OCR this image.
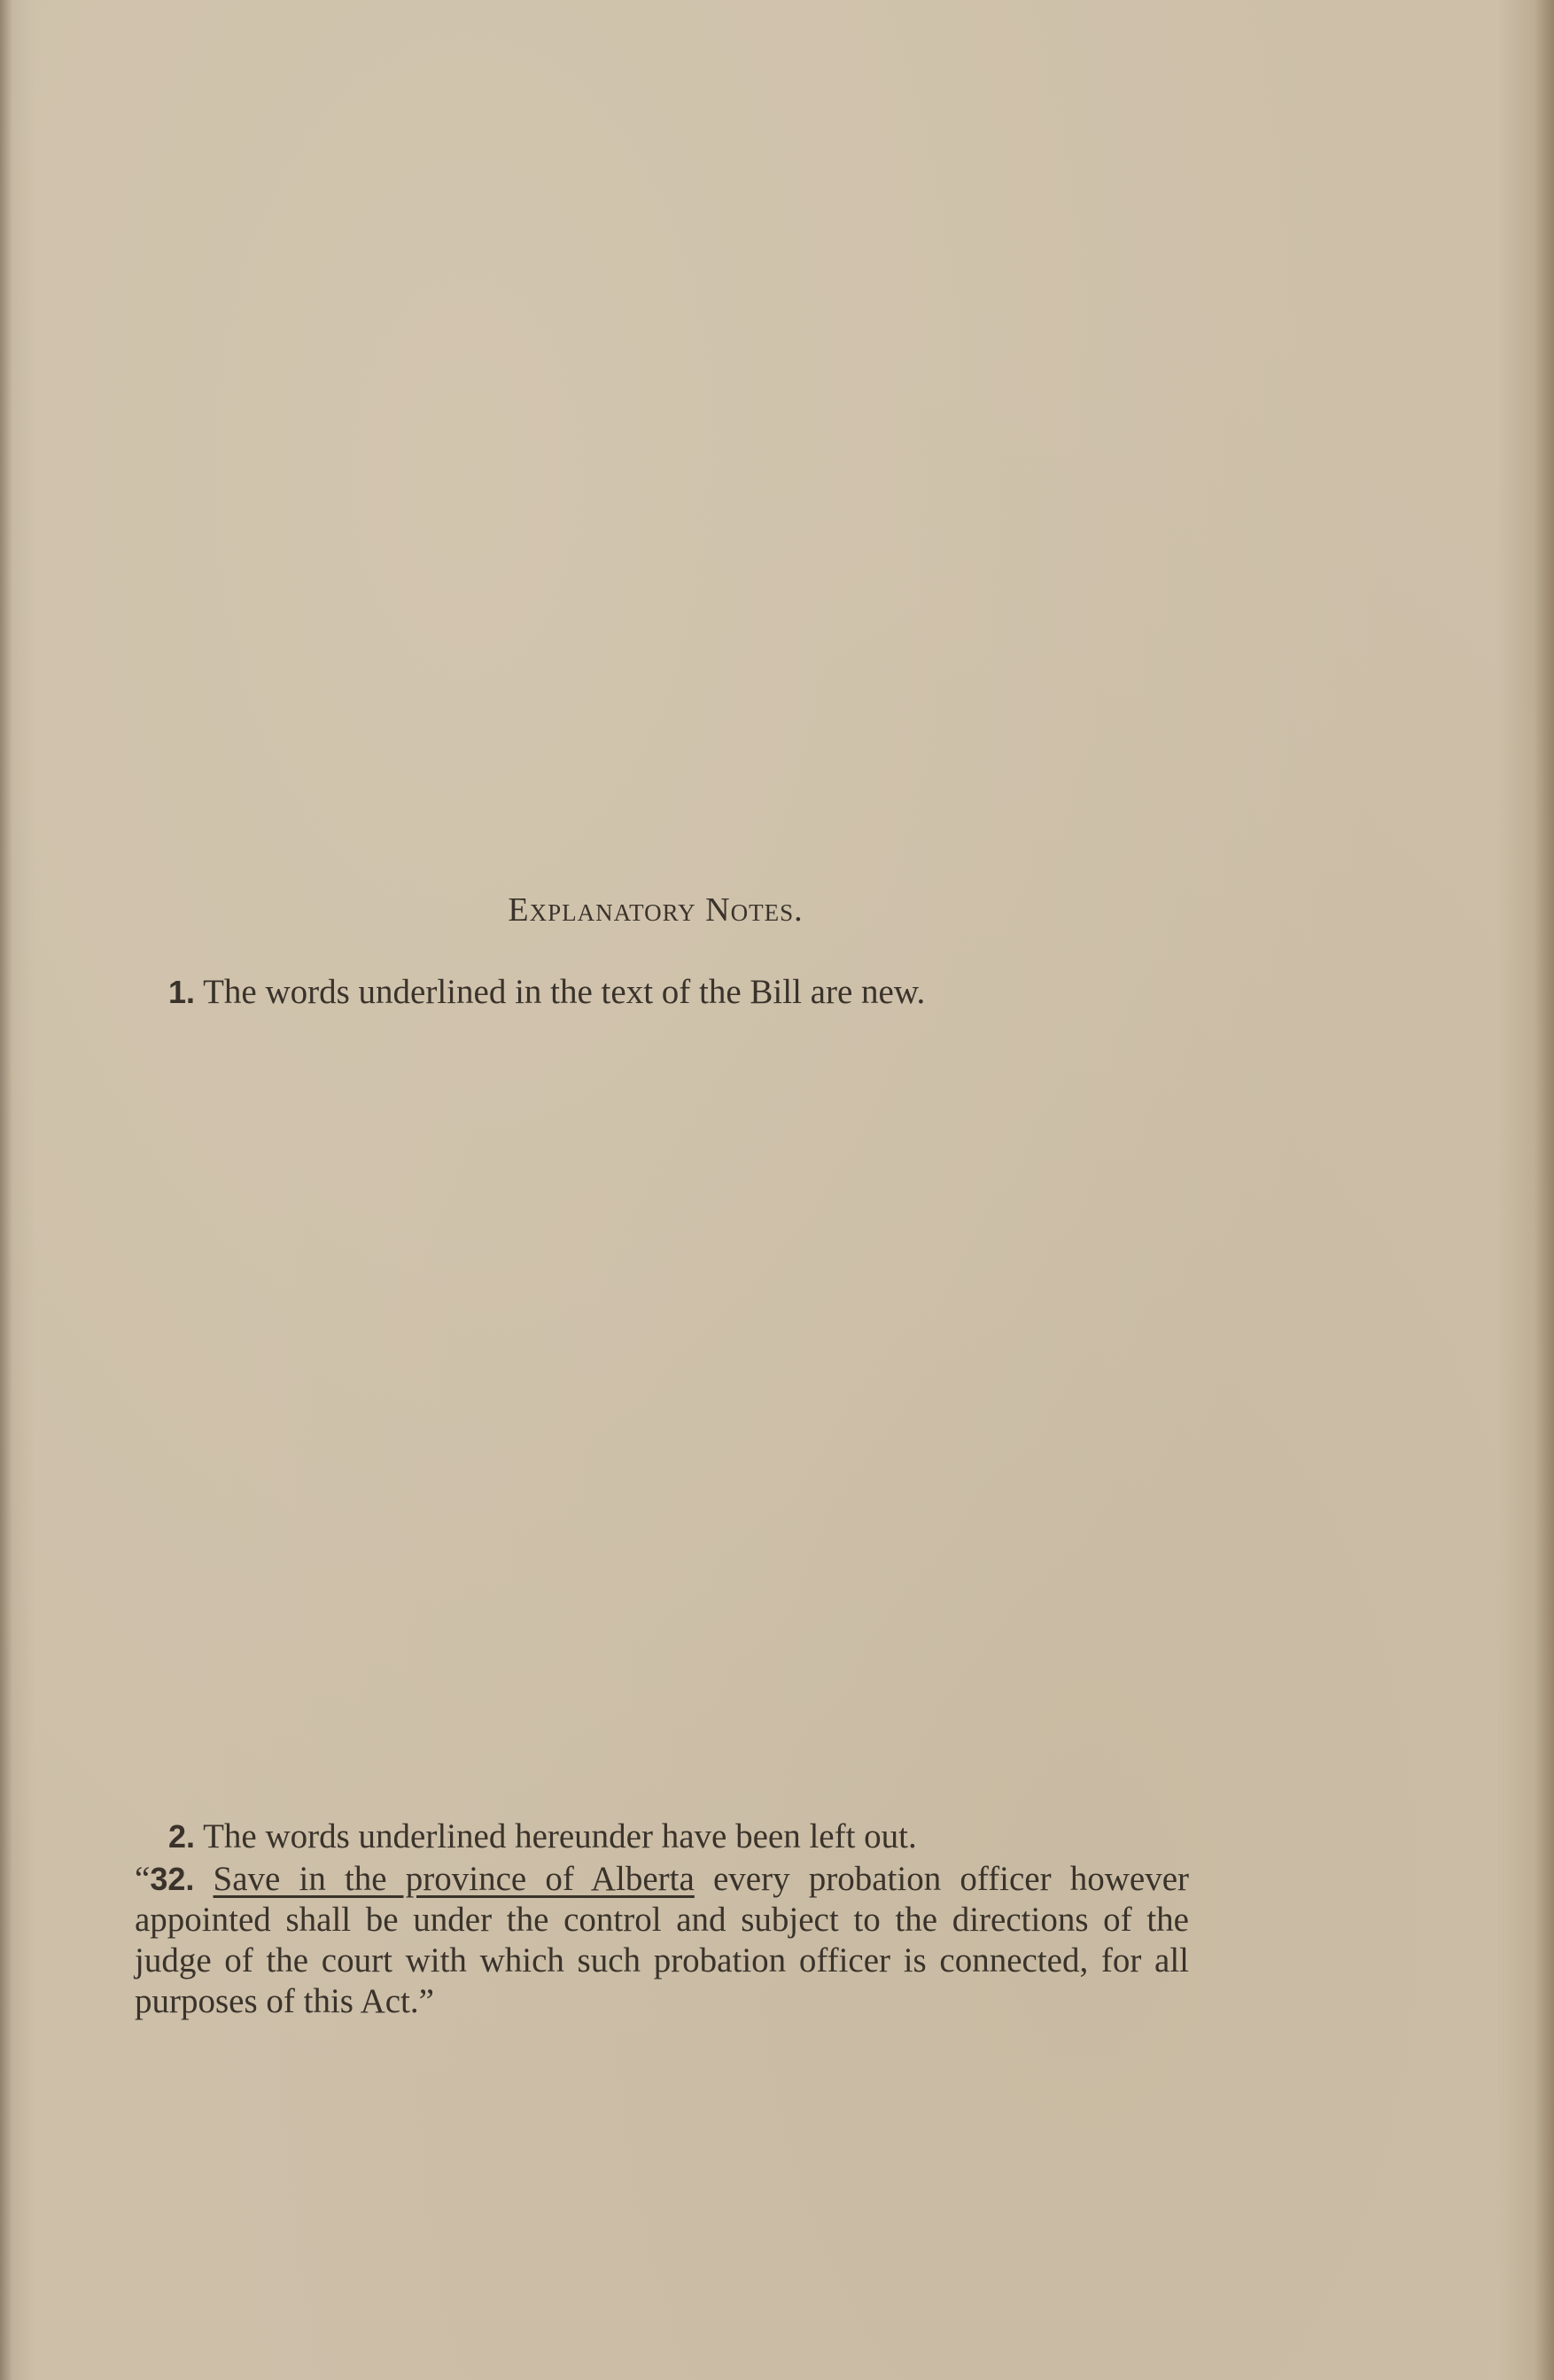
Explanatory Notes.
1. The words underlined in the text of the Bill are new.
2. The words underlined hereunder have been left out.
“32. Save in the province of Alberta every probation officer however appointed shall be under the control and subject to the directions of the judge of the court with which such probation officer is connected, for all purposes of this Act.”
